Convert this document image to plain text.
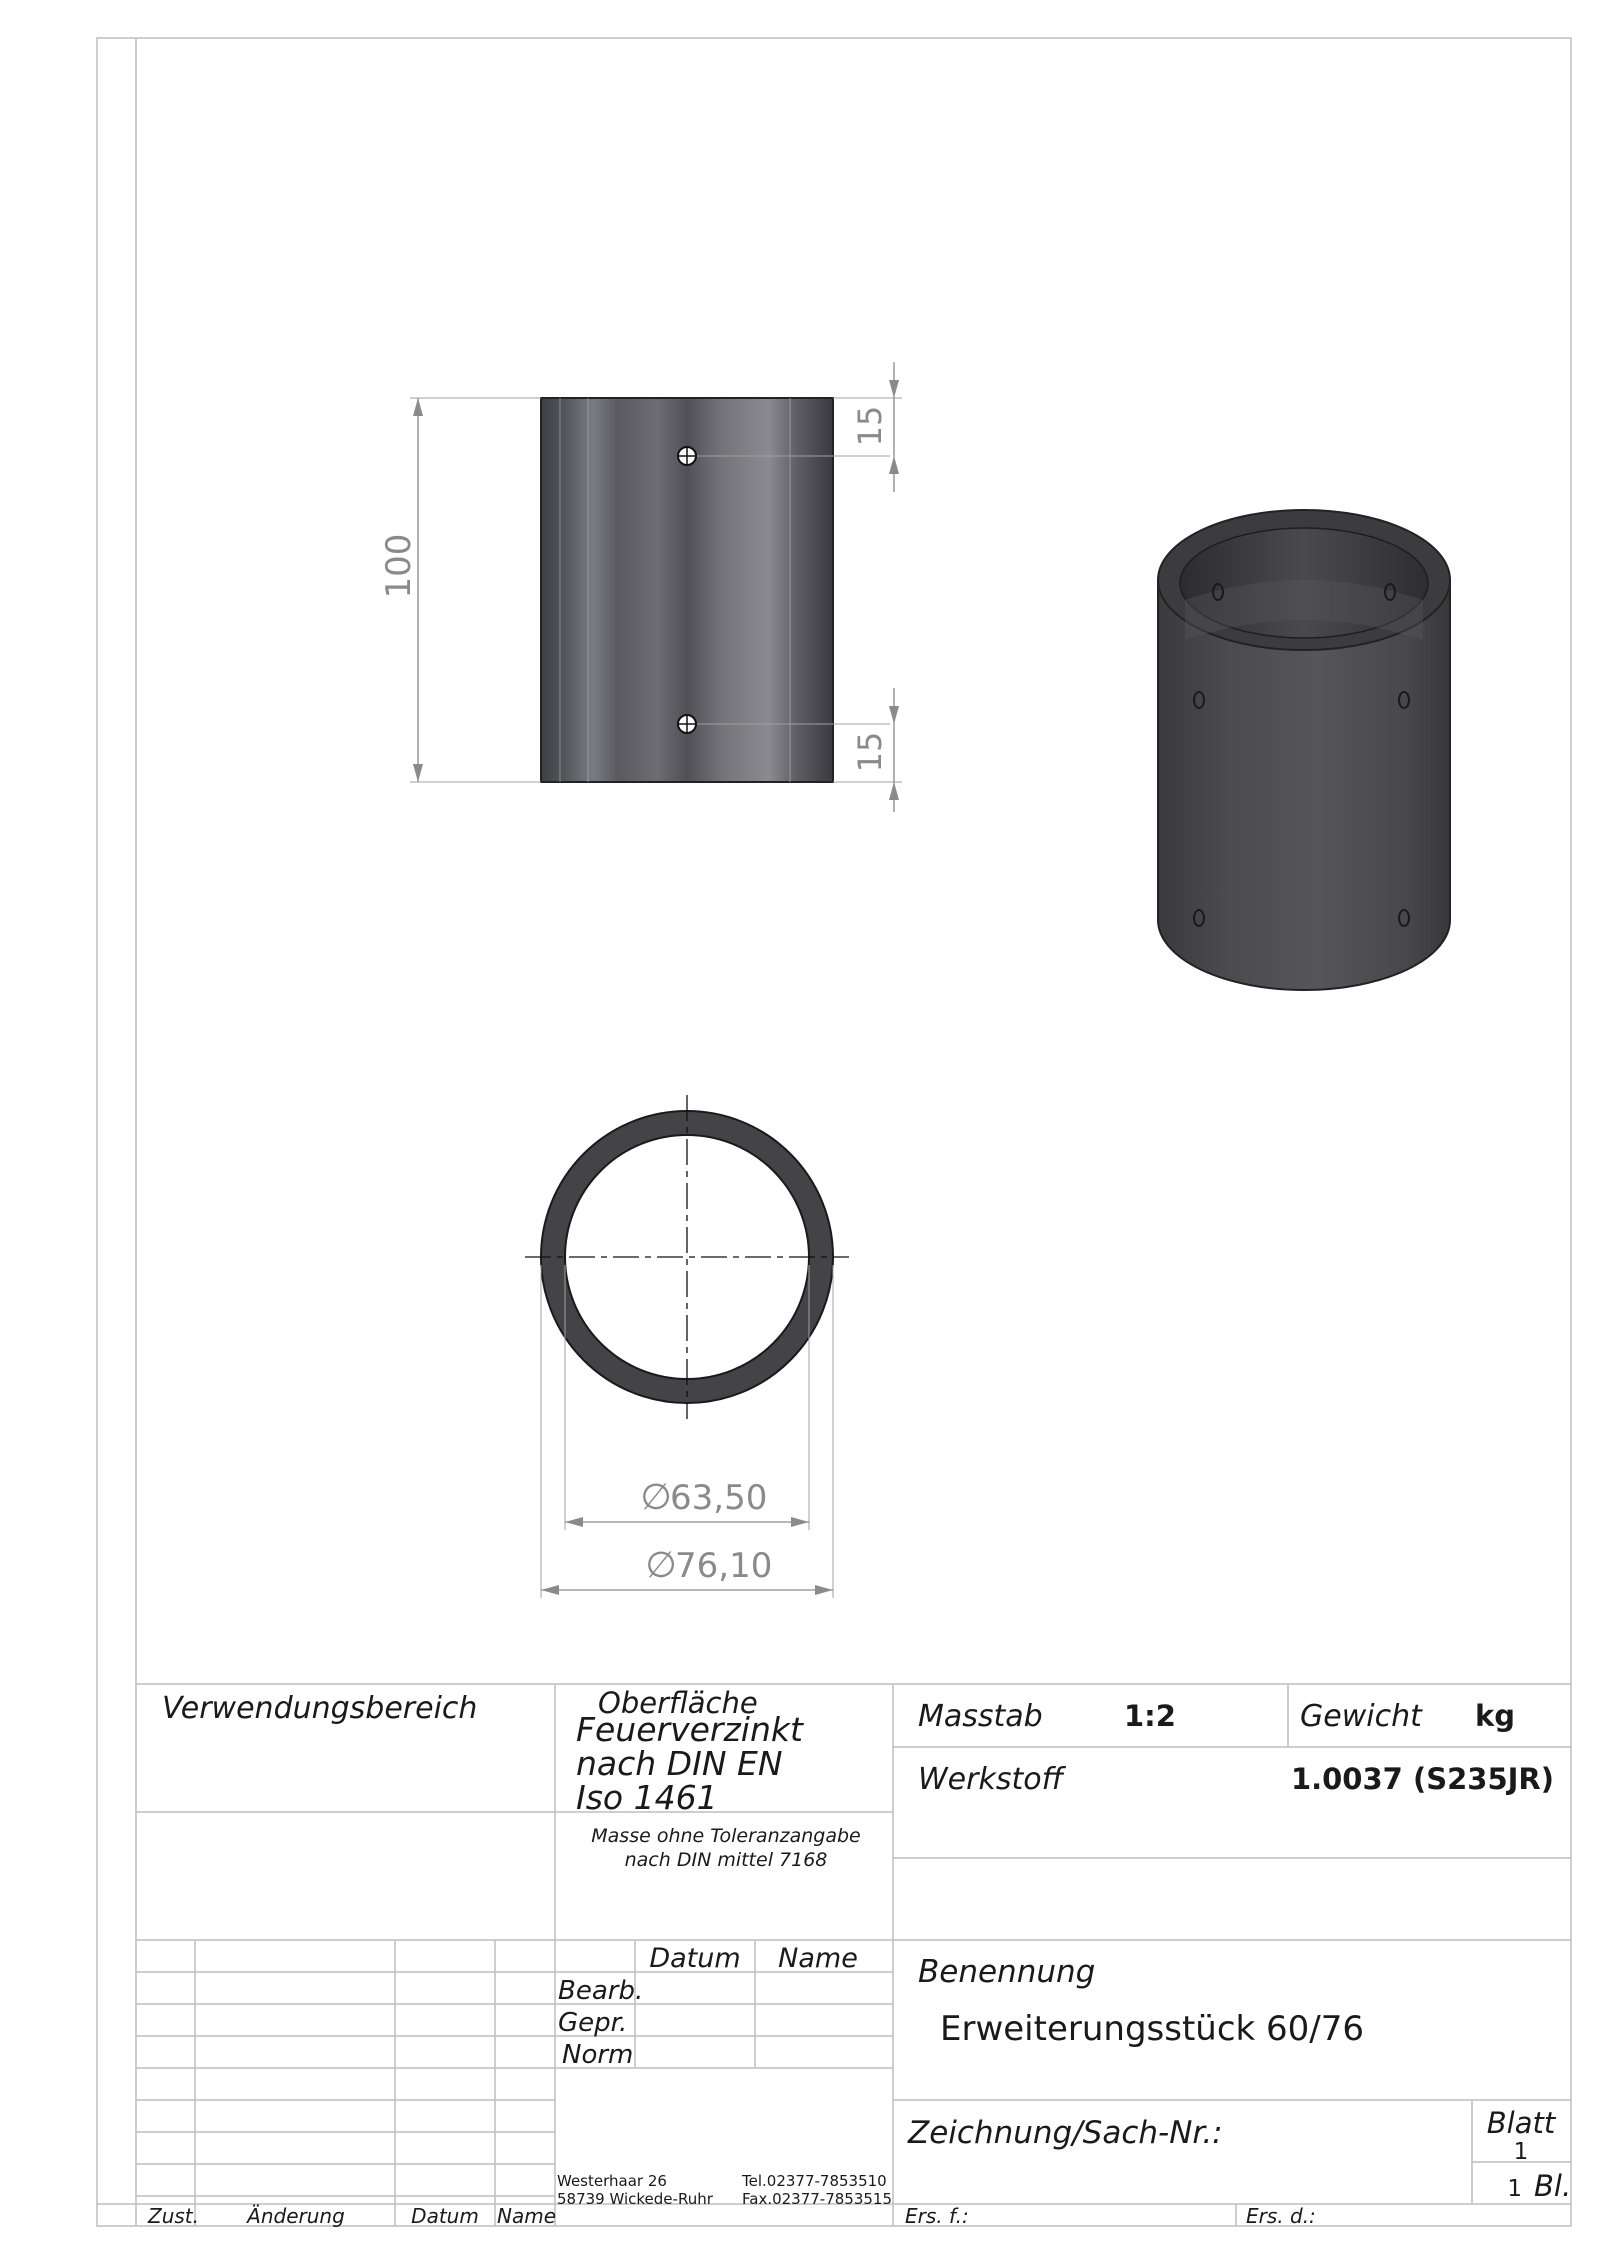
100
15
15
∅
63,50
∅
76,10
Verwendungsbereich	Oberfläche
Feuerverzinkt
nach DIN EN
Iso 1461
Masse ohne Toleranzangabe
nach DIN mittel 7168
Masstab	1:2	Gewicht kg
Werkstoff	1.0037 (S235JR)
Datum Name
Bearb.
Gepr.
Norm
Benennung
Erweiterungsstück 60/76
Zeichnung/Sach-Nr.:	Blatt
1
1 Bl.
Westerhaar 26
58739 Wickede-Ruhr
Tel.02377-7853510
Fax.02377-7853515
Zust. Änderung	Datum Name	Ers. f.:	Ers. d.:
